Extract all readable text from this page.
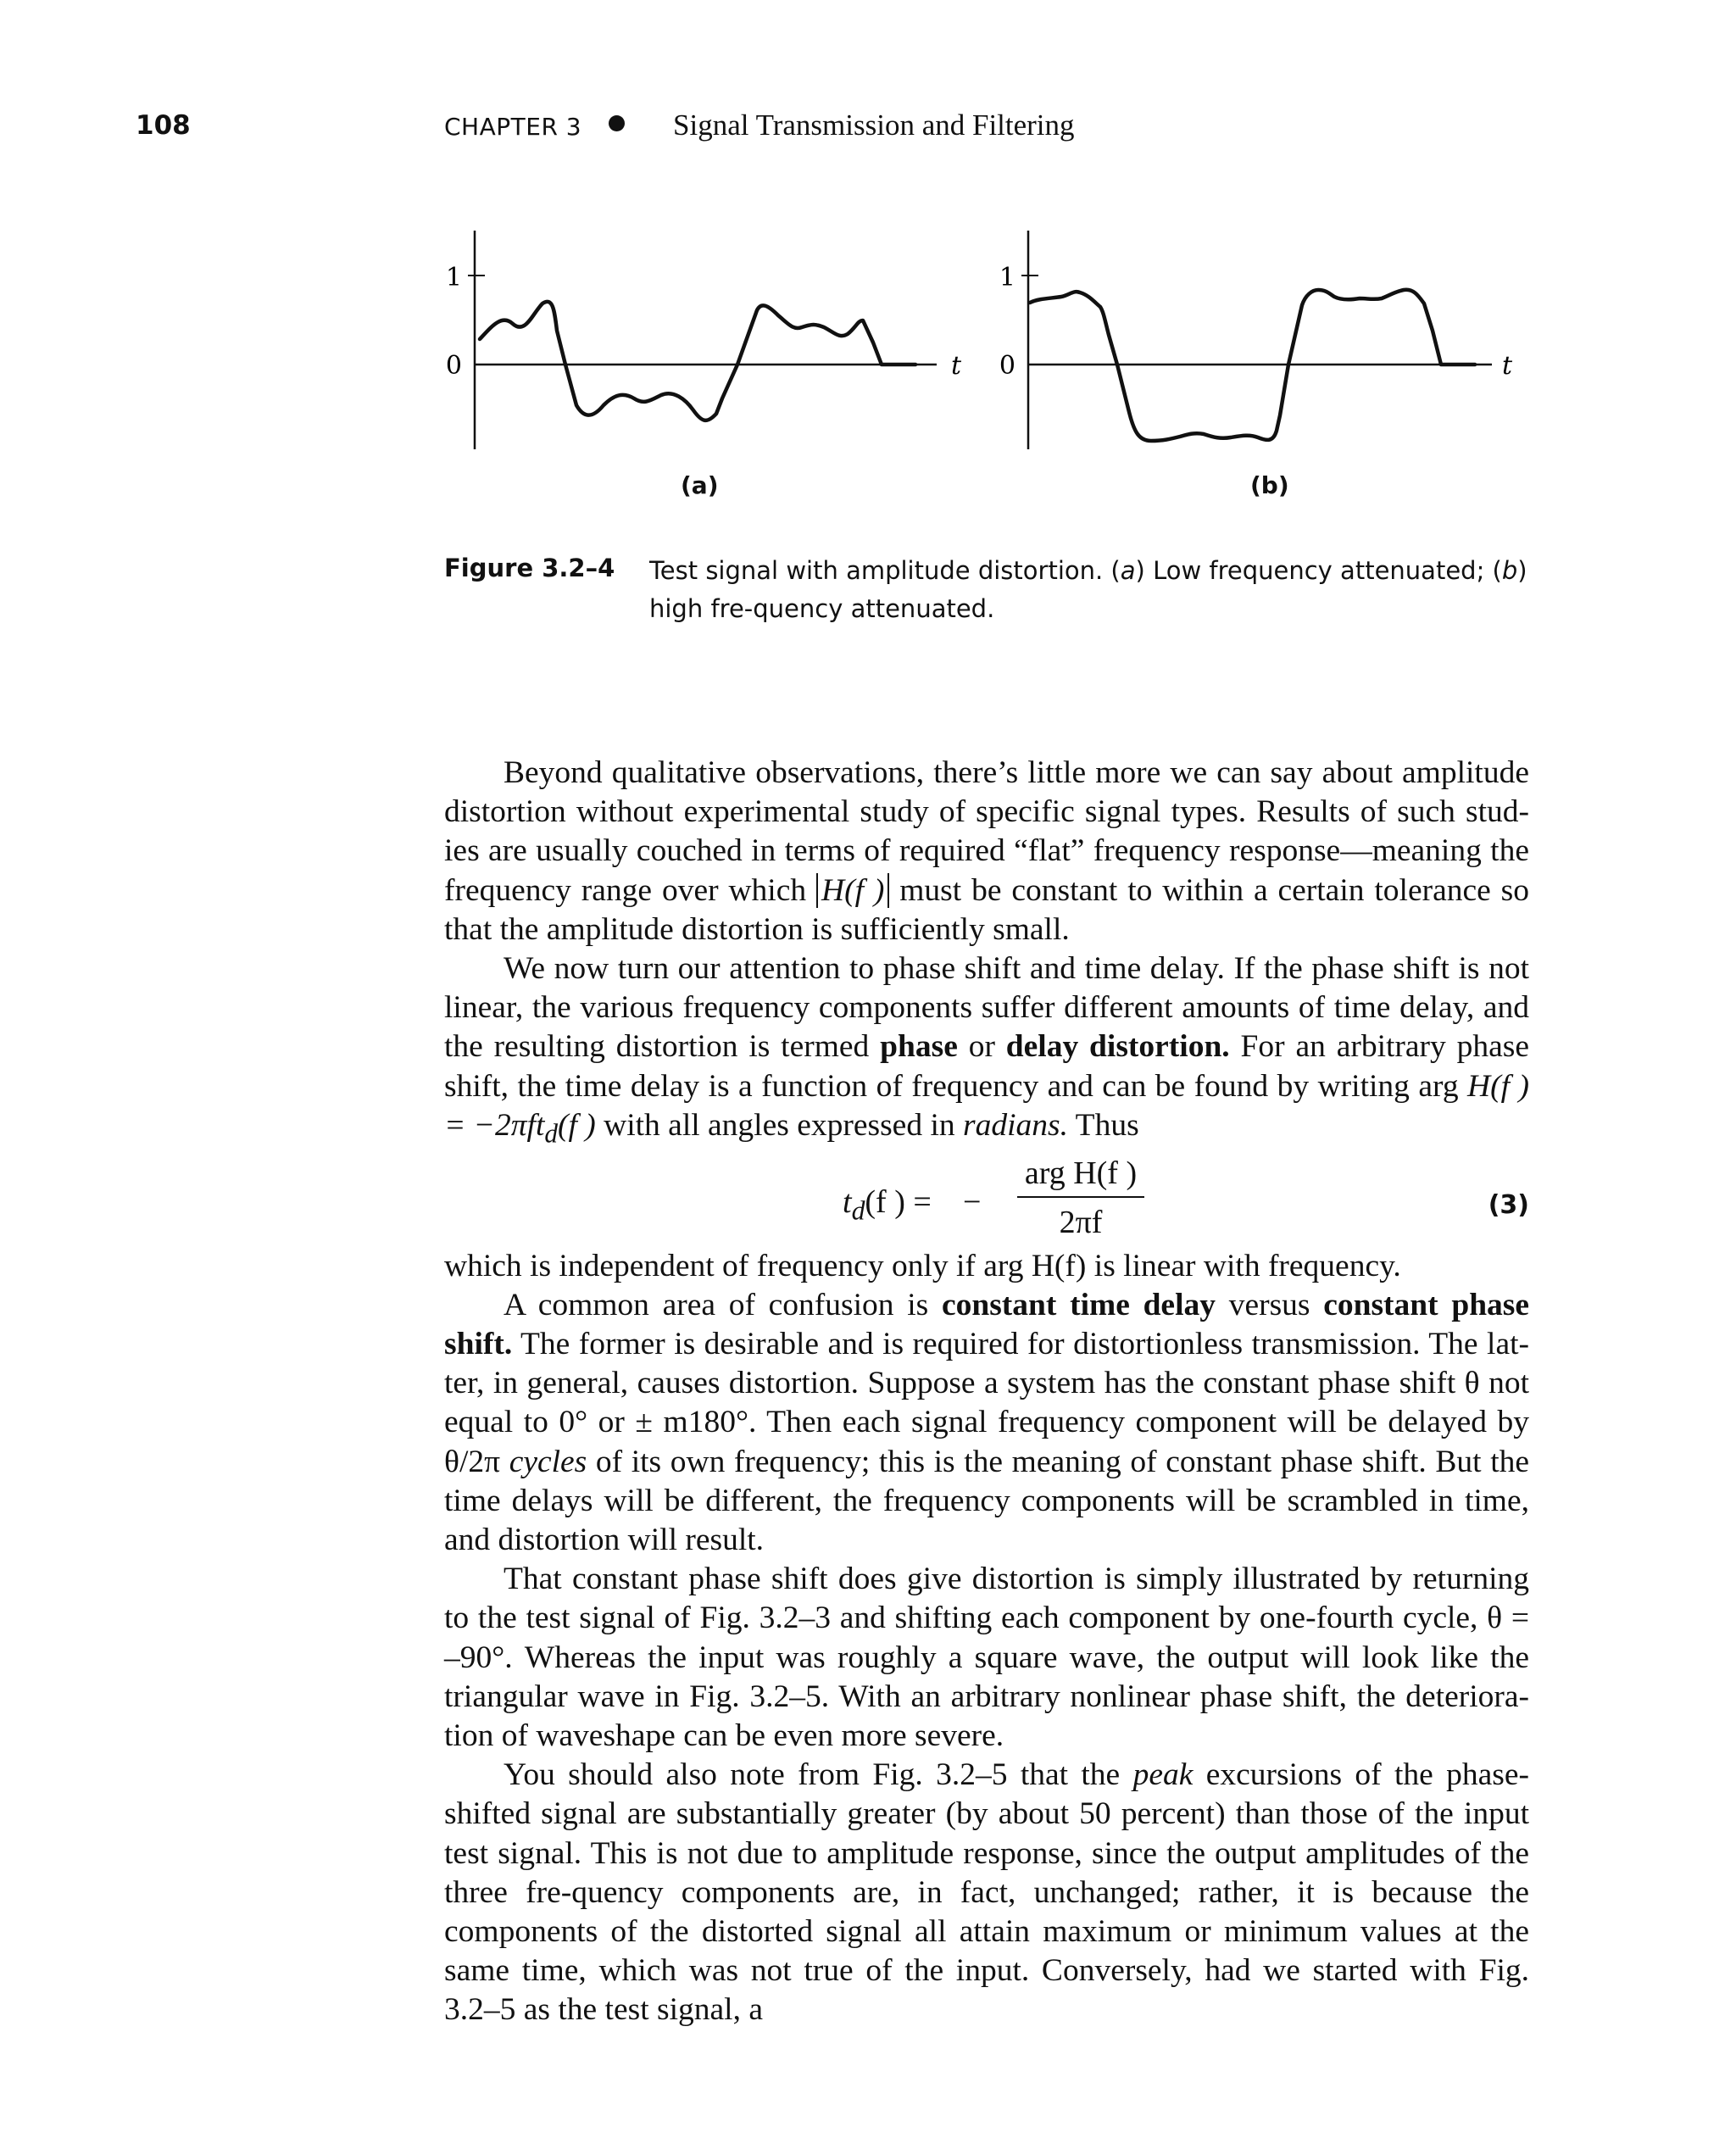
108	CHAPTER 3	Signal Transmission and Filtering
1
0	t
1
0	t
(a)	(b)
Figure 3.2–4 Test signal with amplitude distortion. (a) Low frequency attenuated; (b) high fre-quency attenuated.

Beyond qualitative observations, there’s little more we can say about amplitude distortion without experimental study of specific signal types. Results of such stud-ies are usually couched in terms of required “flat” frequency response—meaning the frequency range over which H(f ) must be constant to within a certain tolerance so that the amplitude distortion is sufficiently small.

We now turn our attention to phase shift and time delay. If the phase shift is not linear, the various frequency components suffer different amounts of time delay, and the resulting distortion is termed phase or delay distortion. For an arbitrary phase shift, the time delay is a function of frequency and can be found by writing arg H(f ) = −2πft$_d$(f ) with all angles expressed in radians. Thus

$t_d(f$ ) = −
arg H(f )
2πf	(3)

which is independent of frequency only if arg H(f) is linear with frequency.

A common area of confusion is constant time delay versus constant phase shift. The former is desirable and is required for distortionless transmission. The lat-ter, in general, causes distortion. Suppose a system has the constant phase shift θ not equal to 0° or ± m180°. Then each signal frequency component will be delayed by θ/2π cycles of its own frequency; this is the meaning of constant phase shift. But the time delays will be different, the frequency components will be scrambled in time, and distortion will result.

That constant phase shift does give distortion is simply illustrated by returning to the test signal of Fig. 3.2–3 and shifting each component by one-fourth cycle, θ = –90°. Whereas the input was roughly a square wave, the output will look like the triangular wave in Fig. 3.2–5. With an arbitrary nonlinear phase shift, the deteriora-tion of waveshape can be even more severe.

You should also note from Fig. 3.2–5 that the peak excursions of the phase-shifted signal are substantially greater (by about 50 percent) than those of the input test signal. This is not due to amplitude response, since the output amplitudes of the three fre-quency components are, in fact, unchanged; rather, it is because the components of the distorted signal all attain maximum or minimum values at the same time, which was not true of the input. Conversely, had we started with Fig. 3.2–5 as the test signal, a
